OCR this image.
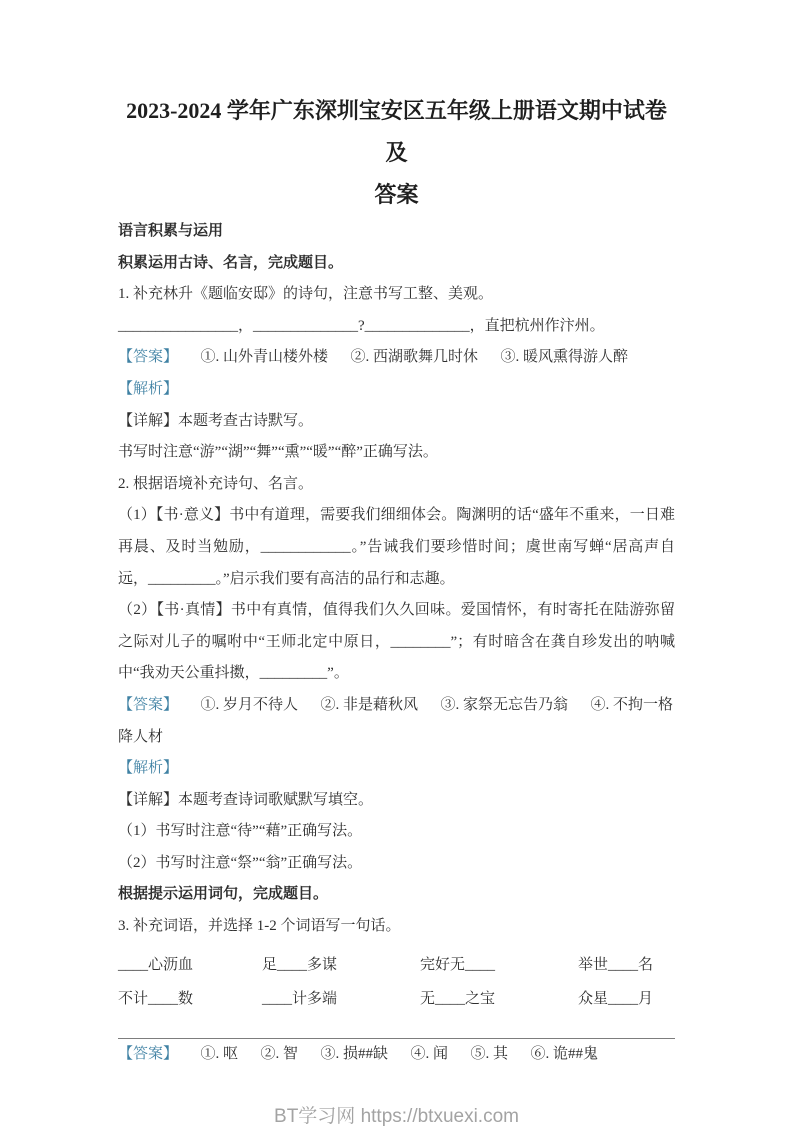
2023-2024 学年广东深圳宝安区五年级上册语文期中试卷及
答案

语言积累与运用

积累运用古诗、名言，完成题目。

1. 补充林升《题临安邸》的诗句，注意书写工整、美观。

________________，______________?______________，直把杭州作汴州。

【答案】      ①. 山外青山楼外楼      ②. 西湖歌舞几时休      ③. 暖风熏得游人醉

【解析】

【详解】本题考查古诗默写。

书写时注意“游”“湖”“舞”“熏”“暖”“醉”正确写法。

2. 根据语境补充诗句、名言。

（1）【书·意义】书中有道理，需要我们细细体会。陶渊明的话“盛年不重来，一日难再晨、及时当勉励，____________。”告诫我们要珍惜时间；虞世南写蝉“居高声自远，_________。”启示我们要有高洁的品行和志趣。

（2）【书·真情】书中有真情，值得我们久久回味。爱国情怀，有时寄托在陆游弥留之际对儿子的嘱咐中“王师北定中原日，________”；有时暗含在龚自珍发出的呐喊中“我劝天公重抖擞，_________”。

【答案】      ①. 岁月不待人      ②. 非是藉秋风      ③. 家祭无忘告乃翁      ④. 不拘一格降人材

【解析】

【详解】本题考查诗词歌赋默写填空。

（1）书写时注意“待”“藉”正确写法。

（2）书写时注意“祭”“翁”正确写法。

根据提示运用词句，完成题目。

3. 补充词语，并选择 1-2 个词语写一句话。

____心沥血	足____多谋	完好无____	举世____名
不计____数	____计多端	无____之宝	众星____月

【答案】      ①. 呕      ②. 智      ③. 损##缺      ④. 闻      ⑤. 其      ⑥. 诡##鬼

BT学习网 https://btxuexi.com
